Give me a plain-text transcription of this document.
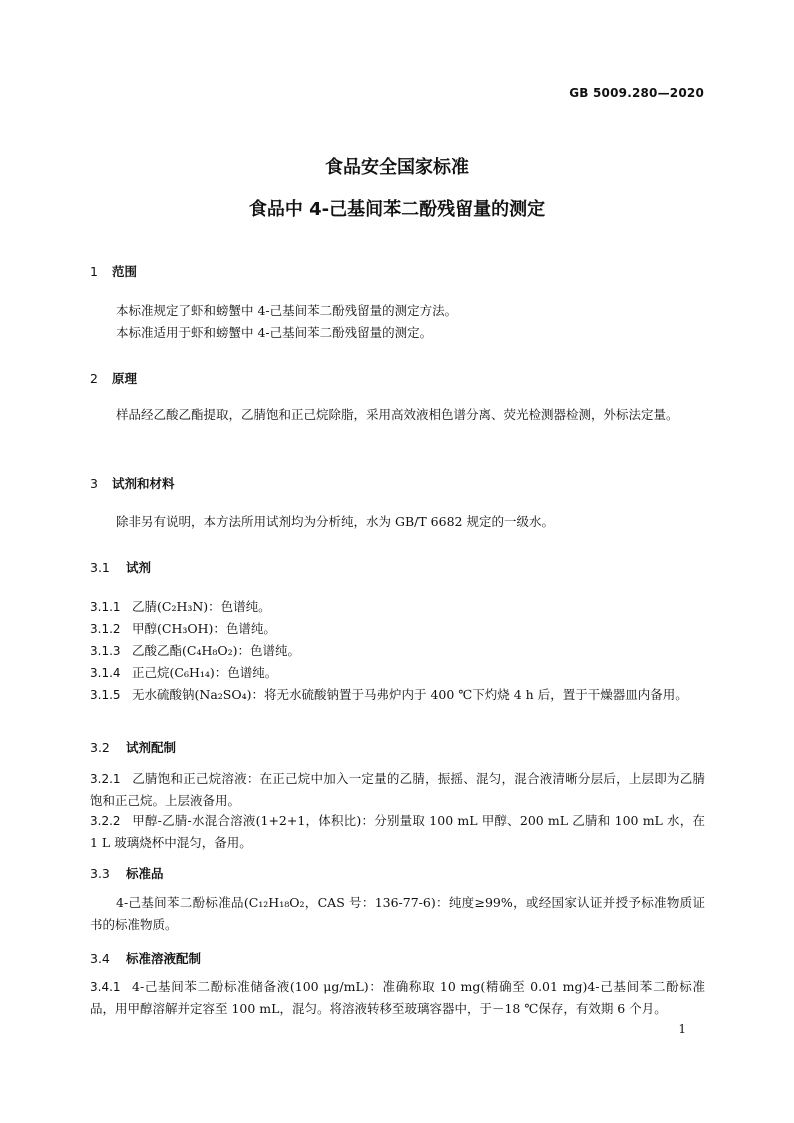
GB 5009.280—2020
食品安全国家标准
食品中 4-己基间苯二酚残留量的测定
1 范围
本标准规定了虾和螃蟹中 4-己基间苯二酚残留量的测定方法。
本标准适用于虾和螃蟹中 4-己基间苯二酚残留量的测定。
2 原理
样品经乙酸乙酯提取，乙腈饱和正己烷除脂，采用高效液相色谱分离、荧光检测器检测，外标法定量。
3 试剂和材料
除非另有说明，本方法所用试剂均为分析纯，水为 GB/T 6682 规定的一级水。
3.1 试剂
3.1.1 乙腈(C₂H₃N)：色谱纯。
3.1.2 甲醇(CH₃OH)：色谱纯。
3.1.3 乙酸乙酯(C₄H₈O₂)：色谱纯。
3.1.4 正己烷(C₆H₁₄)：色谱纯。
3.1.5 无水硫酸钠(Na₂SO₄)：将无水硫酸钠置于马弗炉内于 400 ℃下灼烧 4 h 后，置于干燥器皿内备用。
3.2 试剂配制
3.2.1 乙腈饱和正己烷溶液：在正己烷中加入一定量的乙腈，振摇、混匀，混合液清晰分层后，上层即为乙腈饱和正己烷。上层液备用。
3.2.2 甲醇-乙腈-水混合溶液(1+2+1，体积比)：分别量取 100 mL 甲醇、200 mL 乙腈和 100 mL 水，在 1 L 玻璃烧杯中混匀，备用。
3.3 标准品
4-己基间苯二酚标准品(C₁₂H₁₈O₂，CAS 号：136-77-6)：纯度≥99%，或经国家认证并授予标准物质证书的标准物质。
3.4 标准溶液配制
3.4.1 4-己基间苯二酚标准储备液(100 μg/mL)：准确称取 10 mg(精确至 0.01 mg)4-己基间苯二酚标准品，用甲醇溶解并定容至 100 mL，混匀。将溶液转移至玻璃容器中，于－18 ℃保存，有效期 6 个月。
1
